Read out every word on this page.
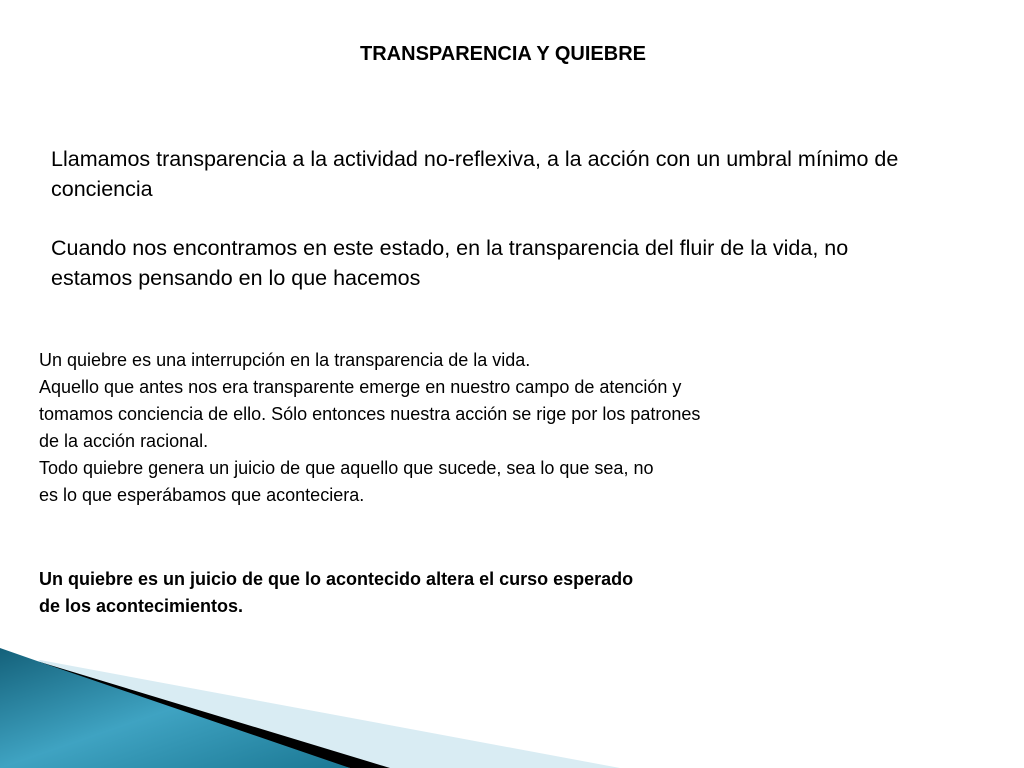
TRANSPARENCIA Y QUIEBRE

Llamamos transparencia a la actividad no-reflexiva, a la acción con un umbral mínimo de conciencia

Cuando nos encontramos en este estado, en la transparencia del fluir de la vida, no estamos pensando en lo que hacemos

Un quiebre es una interrupción en la transparencia de la vida.
Aquello que antes nos era transparente emerge en nuestro campo de atención y
tomamos conciencia de ello. Sólo entonces nuestra acción se rige por los patrones
de la acción racional.
Todo quiebre genera un juicio de que aquello que sucede, sea lo que sea, no
es lo que esperábamos que aconteciera.
Un quiebre es un juicio de que lo acontecido altera el curso esperado
de los acontecimientos.
